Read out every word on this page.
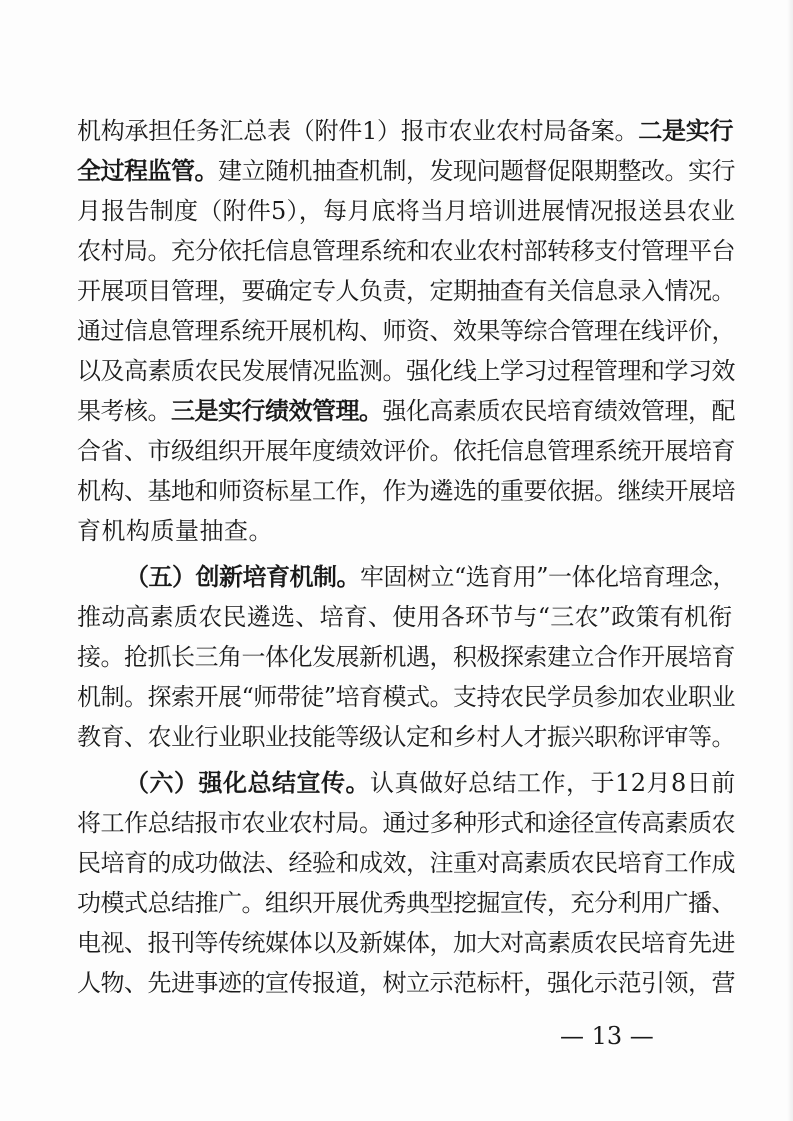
机构承担任务汇总表（附件1）报市农业农村局备案。二是实行
全过程监管。建立随机抽查机制，发现问题督促限期整改。实行
月报告制度（附件5），每月底将当月培训进展情况报送县农业
农村局。充分依托信息管理系统和农业农村部转移支付管理平台
开展项目管理，要确定专人负责，定期抽查有关信息录入情况。
通过信息管理系统开展机构、师资、效果等综合管理在线评价，
以及高素质农民发展情况监测。强化线上学习过程管理和学习效
果考核。三是实行绩效管理。强化高素质农民培育绩效管理，配
合省、市级组织开展年度绩效评价。依托信息管理系统开展培育
机构、基地和师资标星工作，作为遴选的重要依据。继续开展培
育机构质量抽查。
（五）创新培育机制。牢固树立“选育用”一体化培育理念，
推动高素质农民遴选、培育、使用各环节与“三农”政策有机衔
接。抢抓长三角一体化发展新机遇，积极探索建立合作开展培育
机制。探索开展“师带徒”培育模式。支持农民学员参加农业职业
教育、农业行业职业技能等级认定和乡村人才振兴职称评审等。
（六）强化总结宣传。认真做好总结工作，于12月8日前
将工作总结报市农业农村局。通过多种形式和途径宣传高素质农
民培育的成功做法、经验和成效，注重对高素质农民培育工作成
功模式总结推广。组织开展优秀典型挖掘宣传，充分利用广播、
电视、报刊等传统媒体以及新媒体，加大对高素质农民培育先进
人物、先进事迹的宣传报道，树立示范标杆，强化示范引领，营
— 13 —
